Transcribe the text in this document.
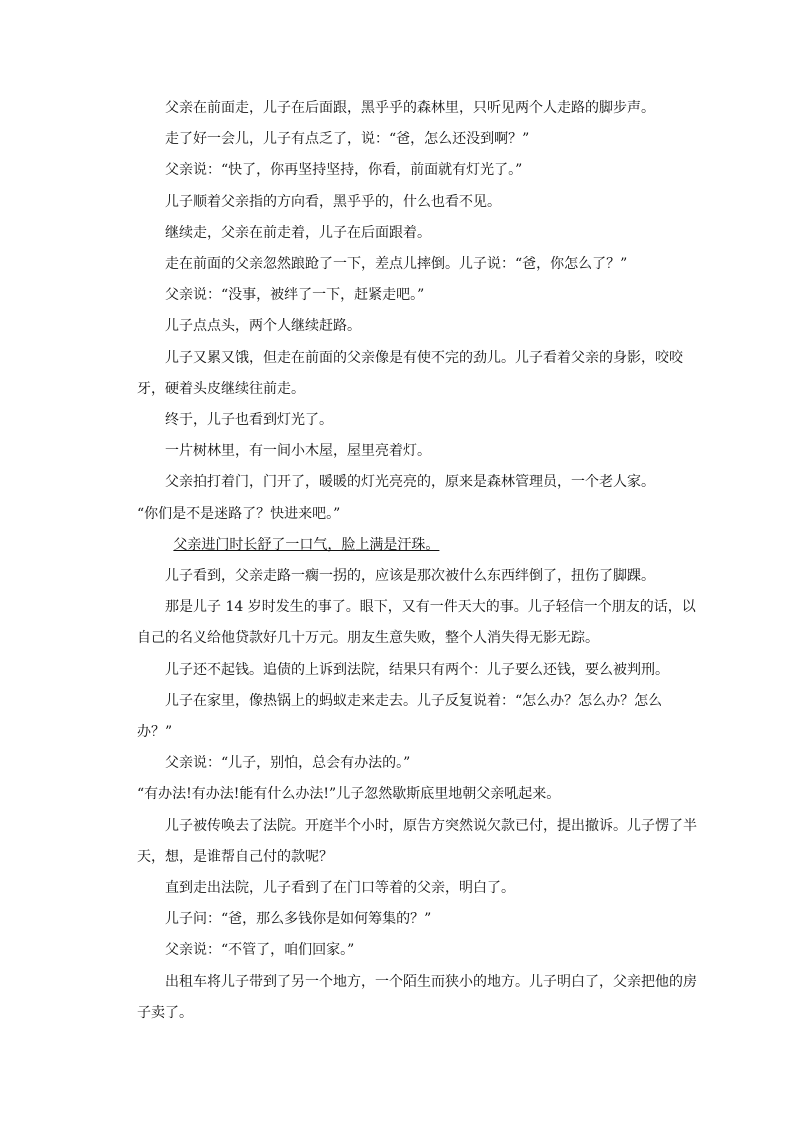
父亲在前面走，儿子在后面跟，黑乎乎的森林里，只听见两个人走路的脚步声。

走了好一会儿，儿子有点乏了，说：“爸，怎么还没到啊？”

父亲说：“快了，你再坚持坚持，你看，前面就有灯光了。”

儿子顺着父亲指的方向看，黑乎乎的，什么也看不见。

继续走，父亲在前走着，儿子在后面跟着。

走在前面的父亲忽然踉跄了一下，差点儿摔倒。儿子说：“爸，你怎么了？”

父亲说：“没事，被绊了一下，赶紧走吧。”

儿子点点头，两个人继续赶路。

儿子又累又饿，但走在前面的父亲像是有使不完的劲儿。儿子看着父亲的身影，咬咬牙，硬着头皮继续往前走。

终于，儿子也看到灯光了。

一片树林里，有一间小木屋，屋里亮着灯。

父亲拍打着门，门开了，暖暖的灯光亮亮的，原来是森林管理员，一个老人家。

“你们是不是迷路了？快进来吧。”

父亲进门时长舒了一口气，脸上满是汗珠。

儿子看到，父亲走路一瘸一拐的，应该是那次被什么东西绊倒了，扭伤了脚踝。

那是儿子 14 岁时发生的事了。眼下，又有一件天大的事。儿子轻信一个朋友的话，以自己的名义给他贷款好几十万元。朋友生意失败，整个人消失得无影无踪。

儿子还不起钱。追债的上诉到法院，结果只有两个：儿子要么还钱，要么被判刑。

儿子在家里，像热锅上的蚂蚁走来走去。儿子反复说着：“怎么办？怎么办？怎么办？”

父亲说：“儿子，别怕，总会有办法的。”

“有办法!有办法!能有什么办法!”儿子忽然歇斯底里地朝父亲吼起来。

儿子被传唤去了法院。开庭半个小时，原告方突然说欠款已付，提出撤诉。儿子愣了半天，想，是谁帮自己付的款呢？

直到走出法院，儿子看到了在门口等着的父亲，明白了。

儿子问：“爸，那么多钱你是如何筹集的？”

父亲说：“不管了，咱们回家。”

出租车将儿子带到了另一个地方，一个陌生而狭小的地方。儿子明白了，父亲把他的房子卖了。
